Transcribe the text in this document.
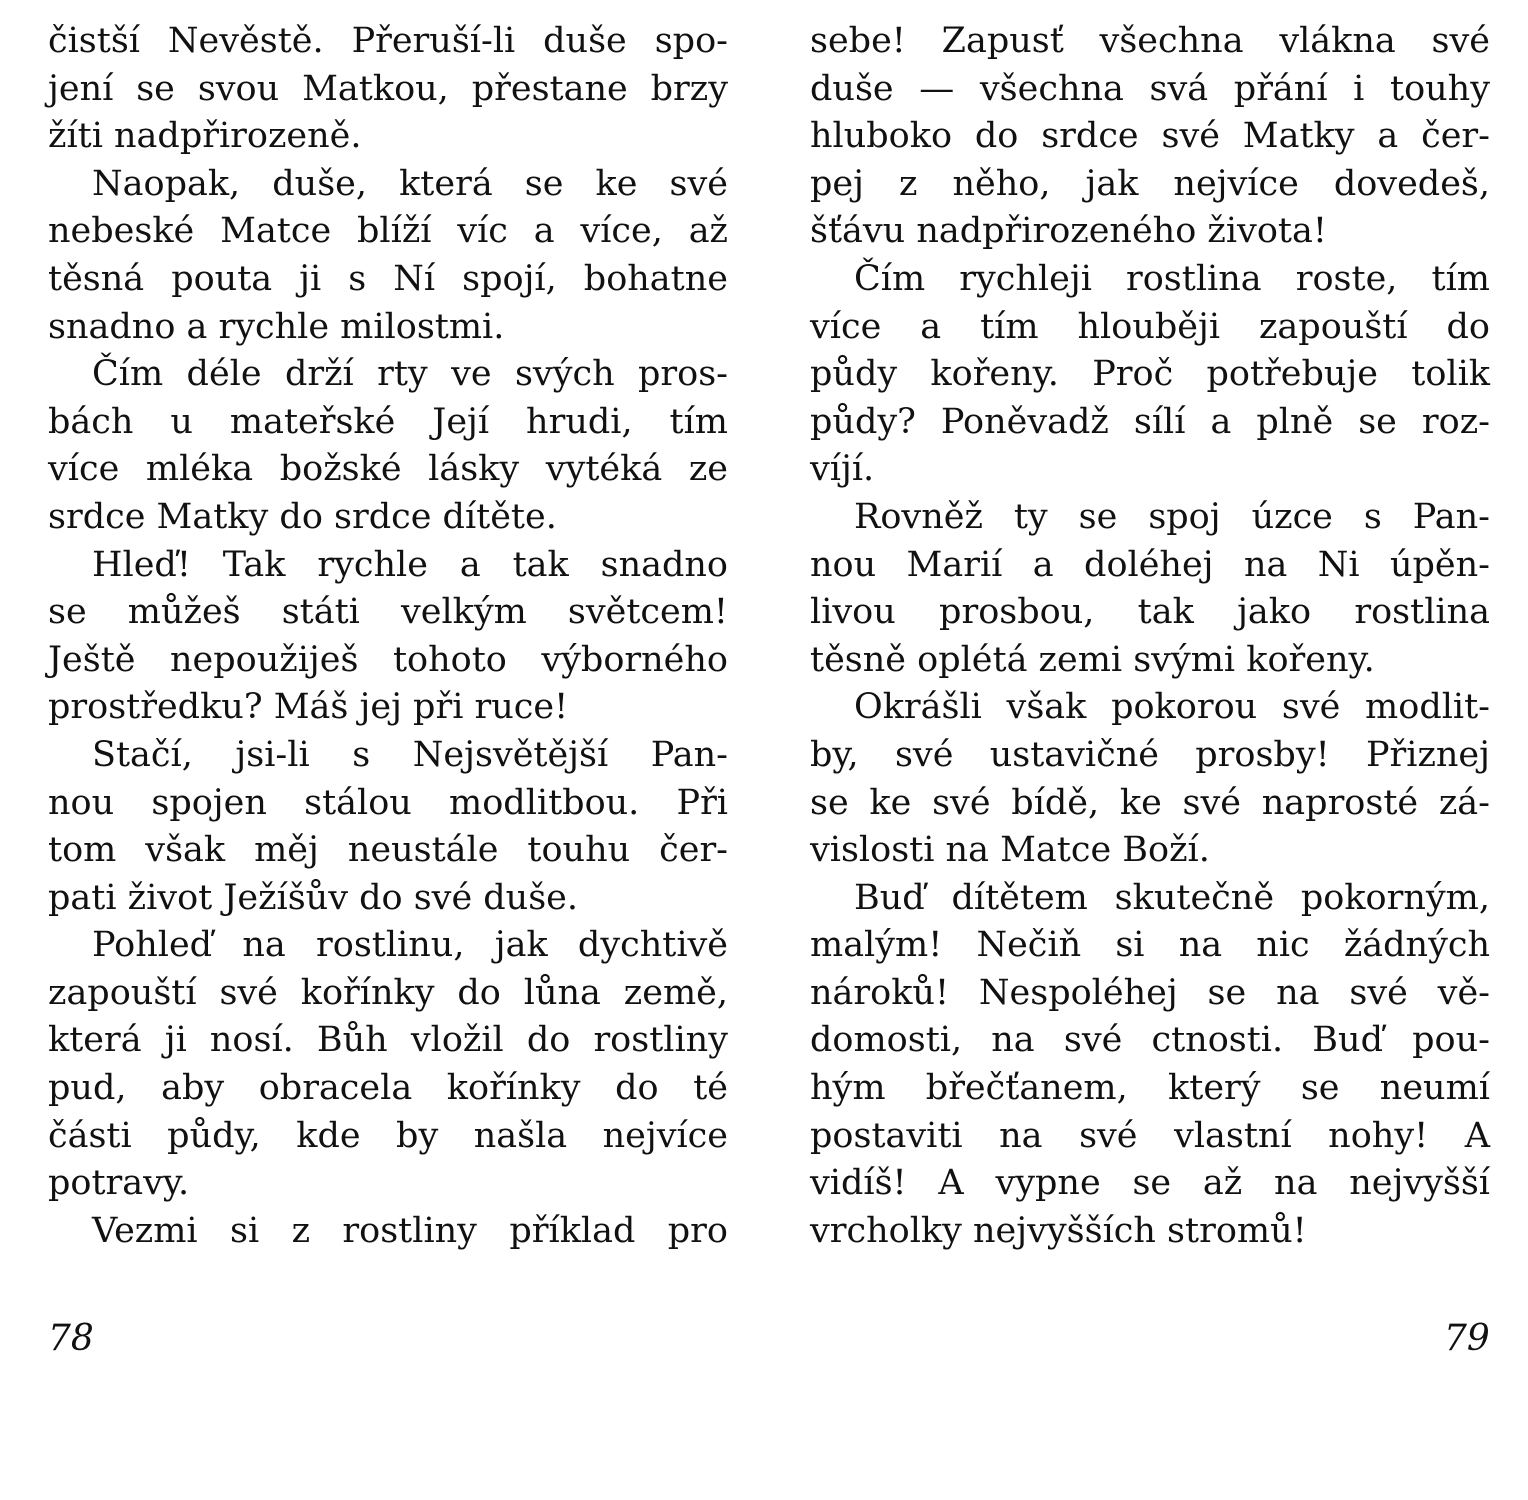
čistší Nevěstě. Přeruší-li duše spo-
jení se svou Matkou, přestane brzy
žíti nadpřirozeně.
Naopak, duše, která se ke své
nebeské Matce blíží víc a více, až
těsná pouta ji s Ní spojí, bohatne
snadno a rychle milostmi.
Čím déle drží rty ve svých pros-
bách u mateřské Její hrudi, tím
více mléka božské lásky vytéká ze
srdce Matky do srdce dítěte.
Hleď! Tak rychle a tak snadno
se můžeš státi velkým světcem!
Ještě nepoužiješ tohoto výborného
prostředku? Máš jej při ruce!
Stačí, jsi-li s Nejsvětější Pan-
nou spojen stálou modlitbou. Při
tom však měj neustále touhu čer-
pati život Ježíšův do své duše.
Pohleď na rostlinu, jak dychtivě
zapouští své kořínky do lůna země,
která ji nosí. Bůh vložil do rostliny
pud, aby obracela kořínky do té
části půdy, kde by našla nejvíce
potravy.
Vezmi si z rostliny příklad pro
sebe! Zapusť všechna vlákna své
duše — všechna svá přání i touhy
hluboko do srdce své Matky a čer-
pej z něho, jak nejvíce dovedeš,
šťávu nadpřirozeného života!
Čím rychleji rostlina roste, tím
více a tím hlouběji zapouští do
půdy kořeny. Proč potřebuje tolik
půdy? Poněvadž sílí a plně se roz-
víjí.
Rovněž ty se spoj úzce s Pan-
nou Marií a doléhej na Ni úpěn-
livou prosbou, tak jako rostlina
těsně oplétá zemi svými kořeny.
Okrášli však pokorou své modlit-
by, své ustavičné prosby! Přiznej
se ke své bídě, ke své naprosté zá-
vislosti na Matce Boží.
Buď dítětem skutečně pokorným,
malým! Nečiň si na nic žádných
nároků! Nespoléhej se na své vě-
domosti, na své ctnosti. Buď pou-
hým břečťanem, který se neumí
postaviti na své vlastní nohy! A
vidíš! A vypne se až na nejvyšší
vrcholky nejvyšších stromů!
78	79
